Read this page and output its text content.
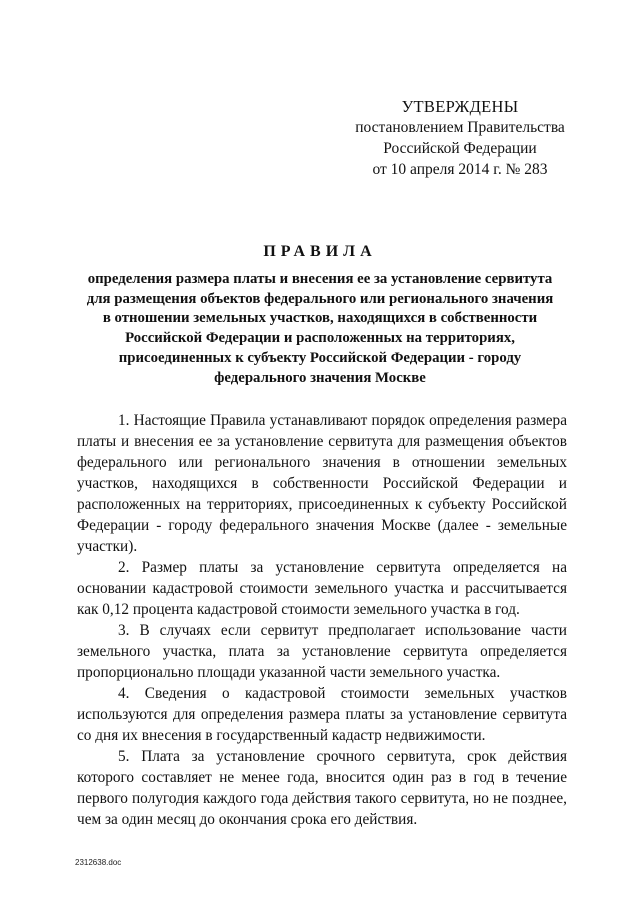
УТВЕРЖДЕНЫ
постановлением Правительства
Российской Федерации
от 10 апреля 2014 г. № 283
ПРАВИЛА
определения размера платы и внесения ее за установление сервитута
для размещения объектов федерального или регионального значения
в отношении земельных участков, находящихся в собственности
Российской Федерации и расположенных на территориях,
присоединенных к субъекту Российской Федерации - городу
федерального значения Москве

1. Настоящие Правила устанавливают порядок определения размера платы и внесения ее за установление сервитута для размещения объектов федерального или регионального значения в отношении земельных участков, находящихся в собственности Российской Федерации и расположенных на территориях, присоединенных к субъекту Российской Федерации - городу федерального значения Москве (далее - земельные участки).

2. Размер платы за установление сервитута определяется на основании кадастровой стоимости земельного участка и рассчитывается как 0,12 процента кадастровой стоимости земельного участка в год.

3. В случаях если сервитут предполагает использование части земельного участка, плата за установление сервитута определяется пропорционально площади указанной части земельного участка.

4. Сведения о кадастровой стоимости земельных участков используются для определения размера платы за установление сервитута со дня их внесения в государственный кадастр недвижимости.

5. Плата за установление срочного сервитута, срок действия которого составляет не менее года, вносится один раз в год в течение первого полугодия каждого года действия такого сервитута, но не позднее, чем за один месяц до окончания срока его действия.

2312638.doc
